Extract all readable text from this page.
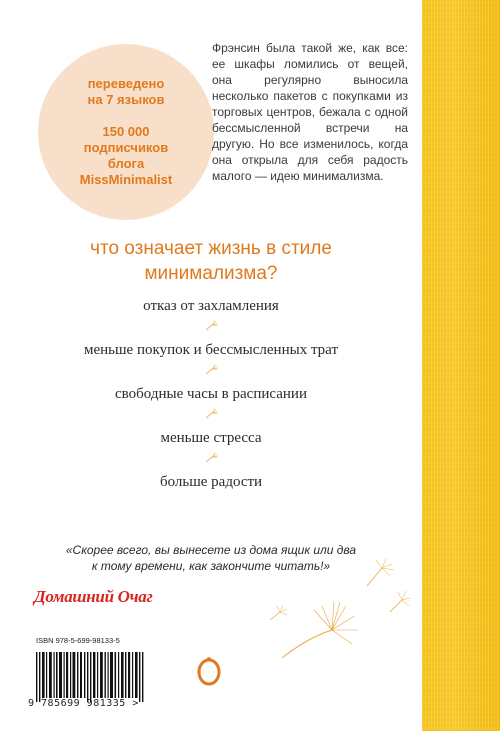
переведено
на 7 языков
150 000
подписчиков
блога
MissMinimalist

Фрэнсин была такой же, как все: ее шкафы ломились от вещей, она регулярно выносила несколько пакетов с покупками из торговых центров, бежала с одной бессмысленной встречи на другую. Но все изменилось, когда она открыла для себя радость малого — идею минимализма.

что означает жизнь в стиле
минимализма?
отказ от захламления
меньше покупок и бессмысленных трат
свободные часы в расписании
меньше стресса
больше радости
«Скорее всего, вы вынесете из дома ящик или два
к тому времени, как закончите читать!»
Домашний Очаг
ISBN 978-5-699-98133-5
9 785699 981335 >
